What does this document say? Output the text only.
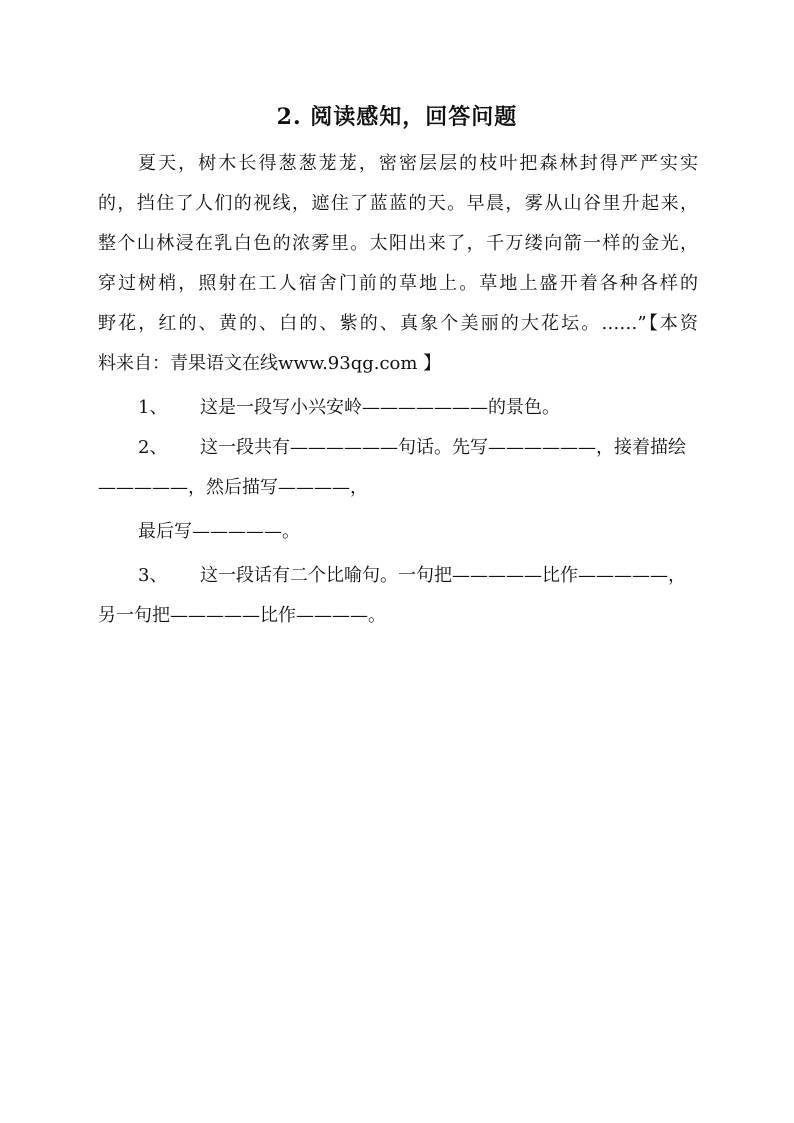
2. 阅读感知，回答问题
夏天，树木长得葱葱茏茏，密密层层的枝叶把森林封得严严实实
的，挡住了人们的视线，遮住了蓝蓝的天。早晨，雾从山谷里升起来，
整个山林浸在乳白色的浓雾里。太阳出来了，千万缕向箭一样的金光，
穿过树梢，照射在工人宿舍门前的草地上。草地上盛开着各种各样的
野花，红的、黄的、白的、紫的、真象个美丽的大花坛。……”【本资
料来自：青果语文在线www.93qg.com 】
1、 这是一段写小兴安岭———————的景色。
2、 这一段共有——————句话。先写——————，接着描绘
—————，然后描写————，
最后写—————。
3、 这一段话有二个比喻句。一句把—————比作—————，
另一句把—————比作————。
